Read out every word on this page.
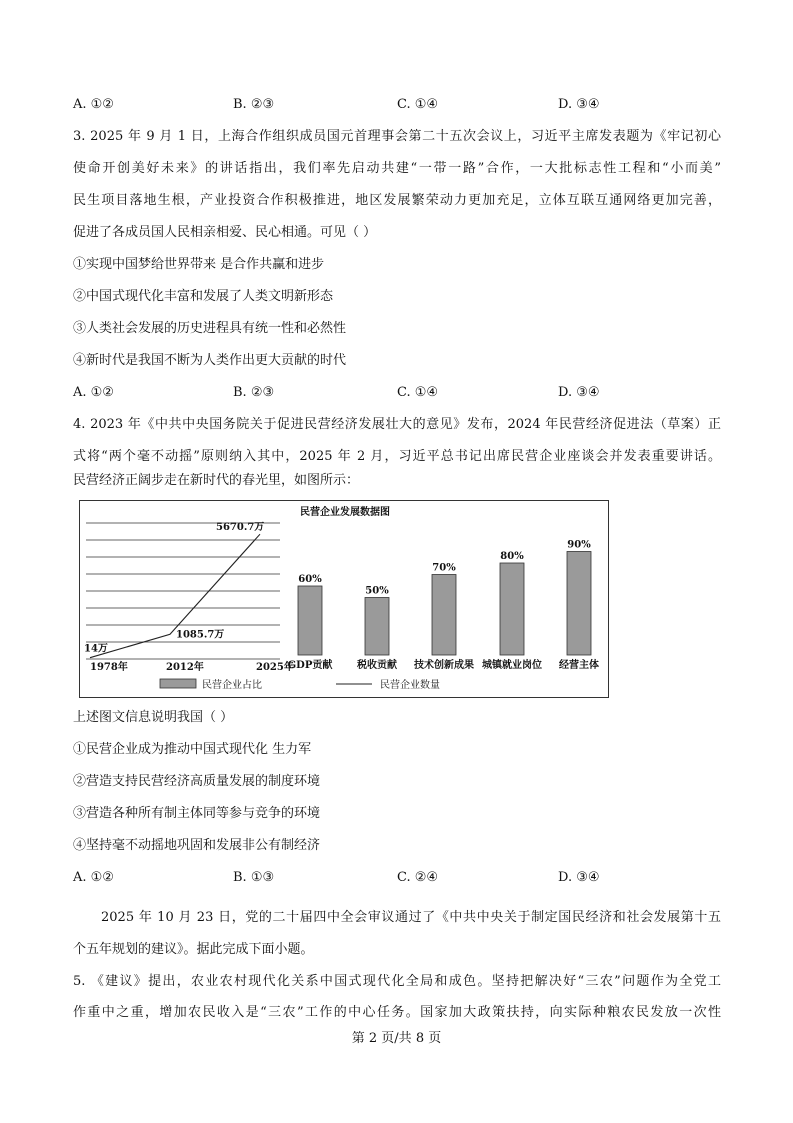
A. ①②	B. ②③	C. ①④	D. ③④
3. 2025 年 9 月 1 日，上海合作组织成员国元首理事会第二十五次会议上，习近平主席发表题为《牢记初心
使命开创美好未来》的讲话指出，我们率先启动共建“一带一路”合作，一大批标志性工程和“小而美”
民生项目落地生根，产业投资合作积极推进，地区发展繁荣动力更加充足，立体互联互通网络更加完善，
促进了各成员国人民相亲相爱、民心相通。可见（ ）
①实现中国梦给世界带来 是合作共赢和进步
②中国式现代化丰富和发展了人类文明新形态
③人类社会发展的历史进程具有统一性和必然性
④新时代是我国不断为人类作出更大贡献的时代
A. ①②	B. ②③	C. ①④	D. ③④
4. 2023 年《中共中央国务院关于促进民营经济发展壮大的意见》发布，2024 年民营经济促进法（草案）正
式将“两个毫不动摇”原则纳入其中，2025 年 2 月，习近平总书记出席民营企业座谈会并发表重要讲话。
民营经济正阔步走在新时代的春光里，如图所示：
民营企业发展数据图
14万
1978年
1085.7万
2012年
5670.7万
2025年
60%
GDP贡献
50%
税收贡献
70%
技术创新成果
80%
城镇就业岗位
90%
经营主体
民营企业占比	民营企业数量
上述图文信息说明我国（ ）
①民营企业成为推动中国式现代化 生力军
②营造支持民营经济高质量发展的制度环境
③营造各种所有制主体同等参与竞争的环境
④坚持毫不动摇地巩固和发展非公有制经济
A. ①②	B. ①③	C. ②④	D. ③④
2025 年 10 月 23 日，党的二十届四中全会审议通过了《中共中央关于制定国民经济和社会发展第十五
个五年规划的建议》。据此完成下面小题。
5. 《建议》提出，农业农村现代化关系中国式现代化全局和成色。坚持把解决好“三农”问题作为全党工
作重中之重，增加农民收入是“三农”工作的中心任务。国家加大政策扶持，向实际种粮农民发放一次性
第 2 页/共 8 页
